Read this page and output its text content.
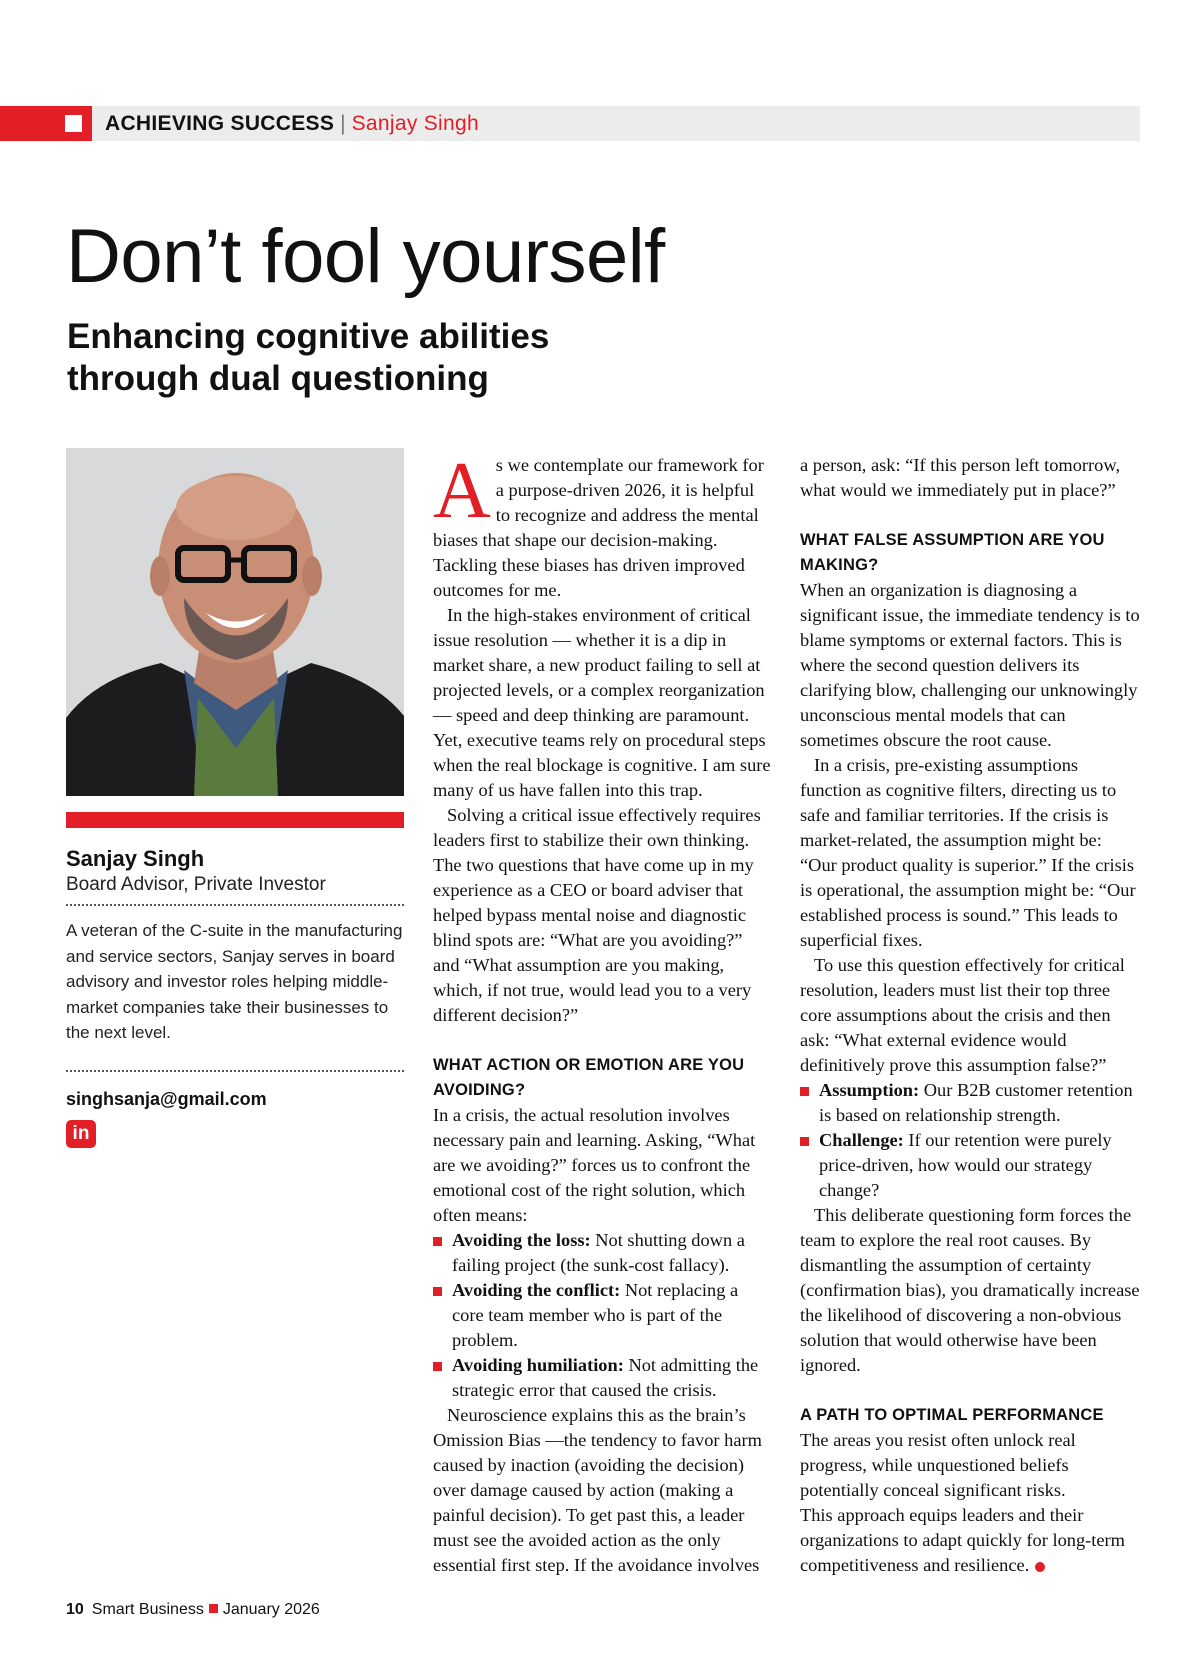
ACHIEVING SUCCESS | Sanjay Singh
Don’t fool yourself
Enhancing cognitive abilities through dual questioning
Sanjay Singh
Board Advisor, Private Investor

A veteran of the C-suite in the manufacturing and service sectors, Sanjay serves in board advisory and investor roles helping middle-market companies take their businesses to the next level.

singhsanja@gmail.com
in

As we contemplate our framework for a purpose-driven 2026, it is helpful to recognize and address the mental biases that shape our decision-making. Tackling these biases has driven improved outcomes for me.

In the high-stakes environment of critical issue resolution — whether it is a dip in market share, a new product failing to sell at projected levels, or a complex reorganization — speed and deep thinking are paramount. Yet, executive teams rely on procedural steps when the real blockage is cognitive. I am sure many of us have fallen into this trap.

Solving a critical issue effectively requires leaders first to stabilize their own thinking. The two questions that have come up in my experience as a CEO or board adviser that helped bypass mental noise and diagnostic blind spots are: “What are you avoiding?” and “What assumption are you making, which, if not true, would lead you to a very different decision?”

WHAT ACTION OR EMOTION ARE YOU AVOIDING?

In a crisis, the actual resolution involves necessary pain and learning. Asking, “What are we avoiding?” forces us to confront the emotional cost of the right solution, which often means:

Avoiding the loss: Not shutting down a failing project (the sunk-cost fallacy).

Avoiding the conflict: Not replacing a core team member who is part of the problem.

Avoiding humiliation: Not admitting the strategic error that caused the crisis.

Neuroscience explains this as the brain’s Omission Bias —the tendency to favor harm caused by inaction (avoiding the decision) over damage caused by action (making a painful decision). To get past this, a leader must see the avoided action as the only essential first step. If the avoidance involves

a person, ask: “If this person left tomorrow, what would we immediately put in place?”

WHAT FALSE ASSUMPTION ARE YOU MAKING?

When an organization is diagnosing a significant issue, the immediate tendency is to blame symptoms or external factors. This is where the second question delivers its clarifying blow, challenging our unknowingly unconscious mental models that can sometimes obscure the root cause.

In a crisis, pre-existing assumptions function as cognitive filters, directing us to safe and familiar territories. If the crisis is market-related, the assumption might be: “Our product quality is superior.” If the crisis is operational, the assumption might be: “Our established process is sound.” This leads to superficial fixes.

To use this question effectively for critical resolution, leaders must list their top three core assumptions about the crisis and then ask: “What external evidence would definitively prove this assumption false?”

Assumption: Our B2B customer retention is based on relationship strength.

Challenge: If our retention were purely price-driven, how would our strategy change?

This deliberate questioning form forces the team to explore the real root causes. By dismantling the assumption of certainty (confirmation bias), you dramatically increase the likelihood of discovering a non-obvious solution that would otherwise have been ignored.

A PATH TO OPTIMAL PERFORMANCE

The areas you resist often unlock real progress, while unquestioned beliefs potentially conceal significant risks.

This approach equips leaders and their organizations to adapt quickly for long-term competitiveness and resilience.

10 Smart Business January 2026
